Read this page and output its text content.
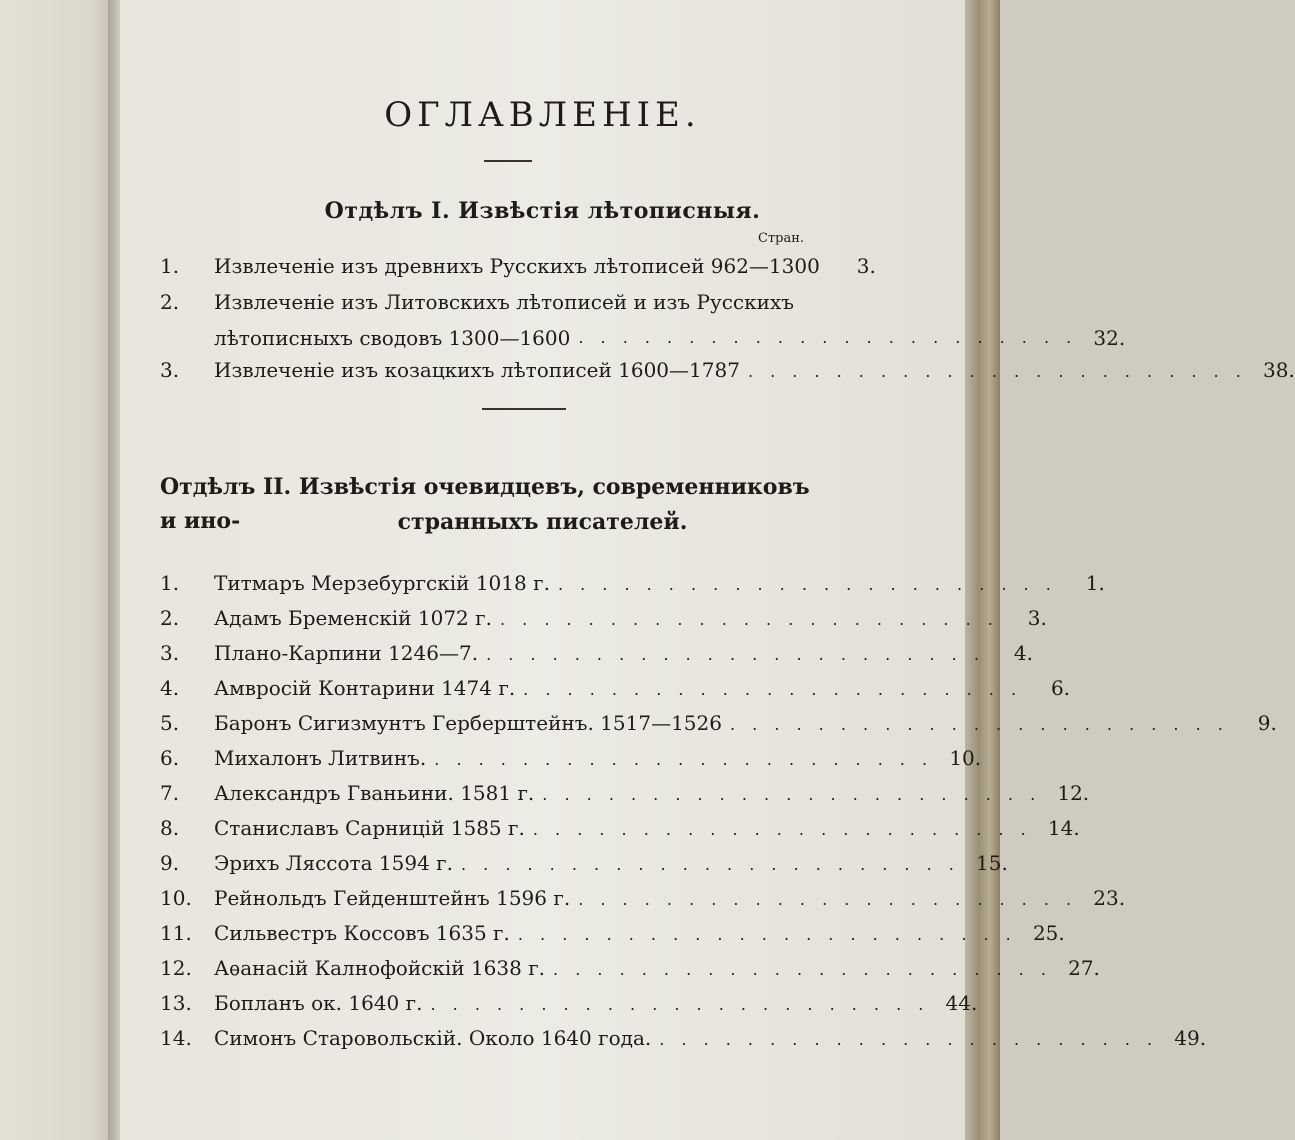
ОГЛАВЛЕНІЕ.
Отдѣлъ I. Извѣстія лѣтописныя.
Стран.
1.	Извлеченіе изъ древнихъ Русскихъ лѣтописей 962—1300	3.
2.	Извлеченіе изъ Литовскихъ лѣтописей и изъ Русскихъ
лѣтописныхъ сводовъ 1300—1600 . . . . . . . . . . . . . . . . . . . . . . . 32.
3.	Извлеченіе изъ козацкихъ лѣтописей 1600—1787 . . . . . . . . . . . . . . . . . . . . . . . 38.
Отдѣлъ II. Извѣстія очевидцевъ, современниковъ и ино-	странныхъ писателей.
1.	Титмаръ Мерзебургскій 1018 г. . . . . . . . . . . . . . . . . . . . . . . .	1.
2.	Адамъ Бременскій 1072 г. . . . . . . . . . . . . . . . . . . . . . . .	3.
3.	Плано-Карпини 1246—7. . . . . . . . . . . . . . . . . . . . . . . .	4.
4.	Амвросій Контарини 1474 г. . . . . . . . . . . . . . . . . . . . . . . .	6.
5.	Баронъ Сигизмунтъ Герберштейнъ. 1517—1526 . . . . . . . . . . . . . . . . . . . . . . .	9.
6.	Михалонъ Литвинъ. . . . . . . . . . . . . . . . . . . . . . . . 10.
7.	Александръ Гваньини. 1581 г. . . . . . . . . . . . . . . . . . . . . . . . 12.
8.	Станиславъ Сарницій 1585 г. . . . . . . . . . . . . . . . . . . . . . . . 14.
9.	Эрихъ Ляссота 1594 г. . . . . . . . . . . . . . . . . . . . . . . . 15.
10.	Рейнольдъ Гейденштейнъ 1596 г. . . . . . . . . . . . . . . . . . . . . . . . 23.
11.	Сильвестръ Коссовъ 1635 г. . . . . . . . . . . . . . . . . . . . . . . . 25.
12.	Аѳанасій Калнофойскій 1638 г. . . . . . . . . . . . . . . . . . . . . . . . 27.
13.	Бопланъ ок. 1640 г. . . . . . . . . . . . . . . . . . . . . . . . 44.
14.	Симонъ Старовольскій. Около 1640 года. . . . . . . . . . . . . . . . . . . . . . . . 49.
